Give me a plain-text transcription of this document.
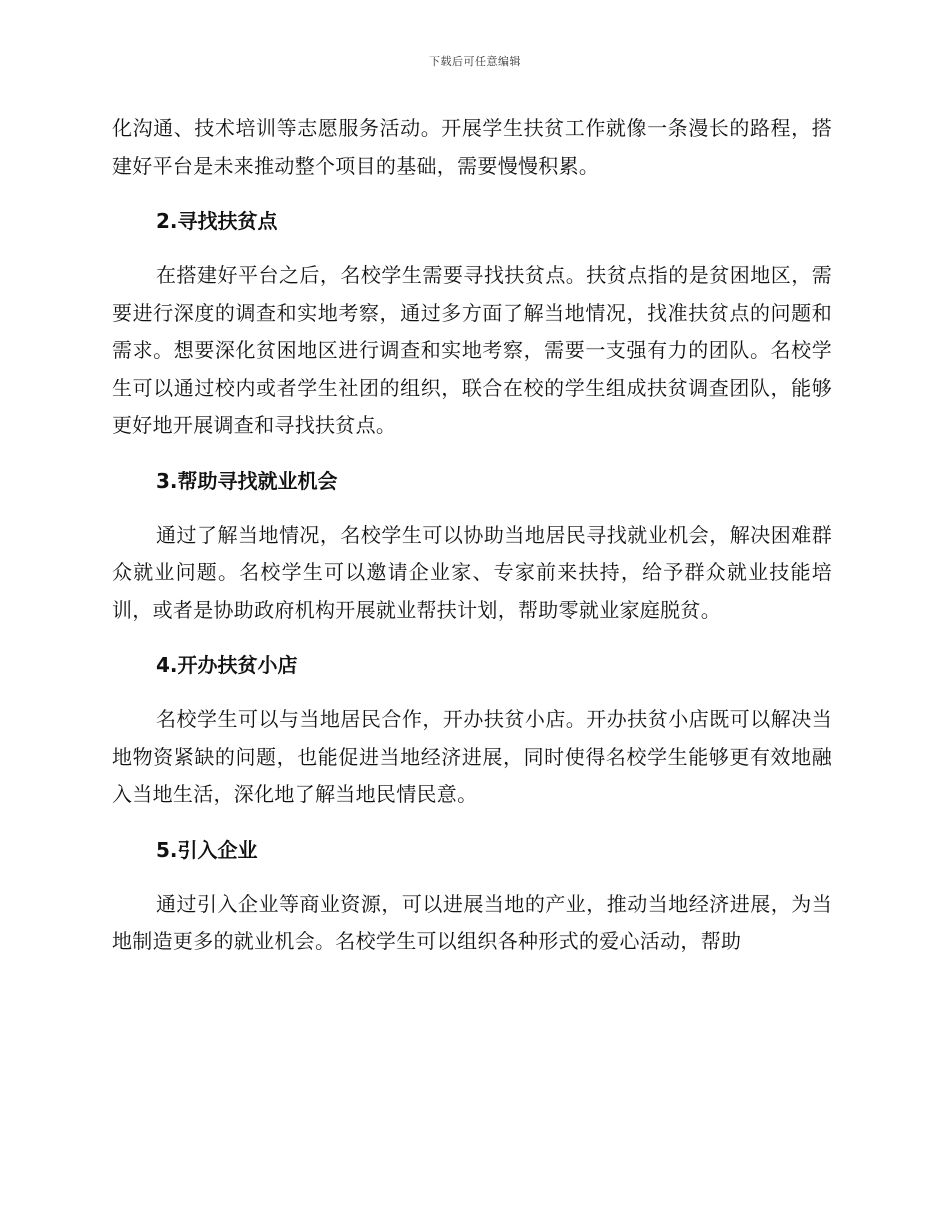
下载后可任意编辑

化沟通、技术培训等志愿服务活动。开展学生扶贫工作就像一条漫长的路程，搭建好平台是未来推动整个项目的基础，需要慢慢积累。

2.寻找扶贫点

在搭建好平台之后，名校学生需要寻找扶贫点。扶贫点指的是贫困地区，需要进行深度的调查和实地考察，通过多方面了解当地情况，找准扶贫点的问题和需求。想要深化贫困地区进行调查和实地考察，需要一支强有力的团队。名校学生可以通过校内或者学生社团的组织，联合在校的学生组成扶贫调查团队，能够更好地开展调查和寻找扶贫点。

3.帮助寻找就业机会

通过了解当地情况，名校学生可以协助当地居民寻找就业机会，解决困难群众就业问题。名校学生可以邀请企业家、专家前来扶持，给予群众就业技能培训，或者是协助政府机构开展就业帮扶计划，帮助零就业家庭脱贫。

4.开办扶贫小店

名校学生可以与当地居民合作，开办扶贫小店。开办扶贫小店既可以解决当地物资紧缺的问题，也能促进当地经济进展，同时使得名校学生能够更有效地融入当地生活，深化地了解当地民情民意。

5.引入企业

通过引入企业等商业资源，可以进展当地的产业，推动当地经济进展，为当地制造更多的就业机会。名校学生可以组织各种形式的爱心活动，帮助
